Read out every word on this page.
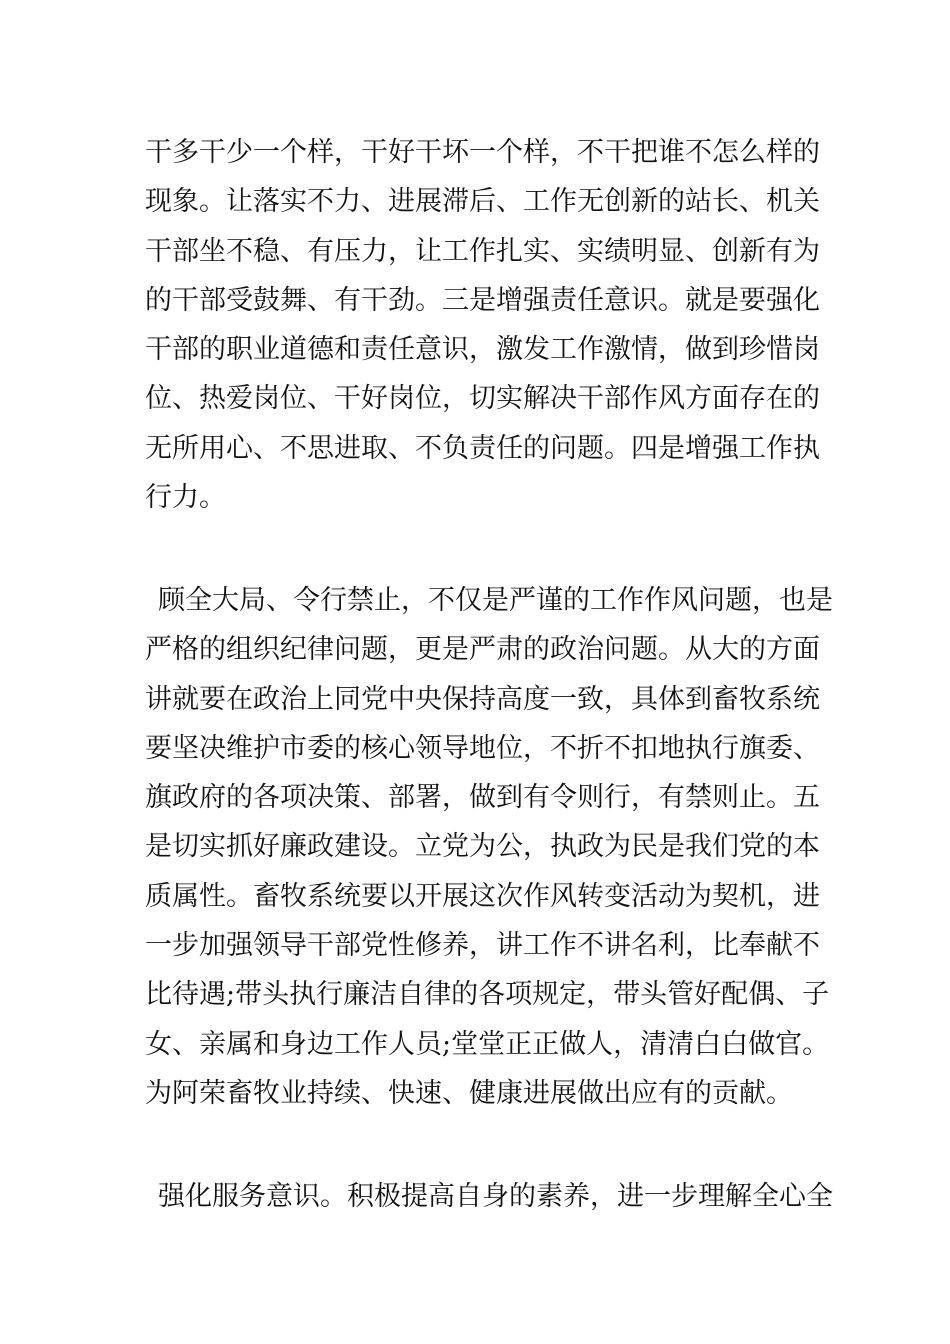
干多干少一个样，干好干坏一个样，不干把谁不怎么样的
现象。让落实不力、进展滞后、工作无创新的站长、机关
干部坐不稳、有压力，让工作扎实、实绩明显、创新有为
的干部受鼓舞、有干劲。三是增强责任意识。就是要强化
干部的职业道德和责任意识，激发工作激情，做到珍惜岗
位、热爱岗位、干好岗位，切实解决干部作风方面存在的
无所用心、不思进取、不负责任的问题。四是增强工作执
行力。

顾全大局、令行禁止，不仅是严谨的工作作风问题，也是
严格的组织纪律问题，更是严肃的政治问题。从大的方面
讲就要在政治上同党中央保持高度一致，具体到畜牧系统
要坚决维护市委的核心领导地位，不折不扣地执行旗委、
旗政府的各项决策、部署，做到有令则行，有禁则止。五
是切实抓好廉政建设。立党为公，执政为民是我们党的本
质属性。畜牧系统要以开展这次作风转变活动为契机，进
一步加强领导干部党性修养，讲工作不讲名利，比奉献不
比待遇;带头执行廉洁自律的各项规定，带头管好配偶、子
女、亲属和身边工作人员;堂堂正正做人，清清白白做官。
为阿荣畜牧业持续、快速、健康进展做出应有的贡献。

强化服务意识。积极提高自身的素养，进一步理解全心全
